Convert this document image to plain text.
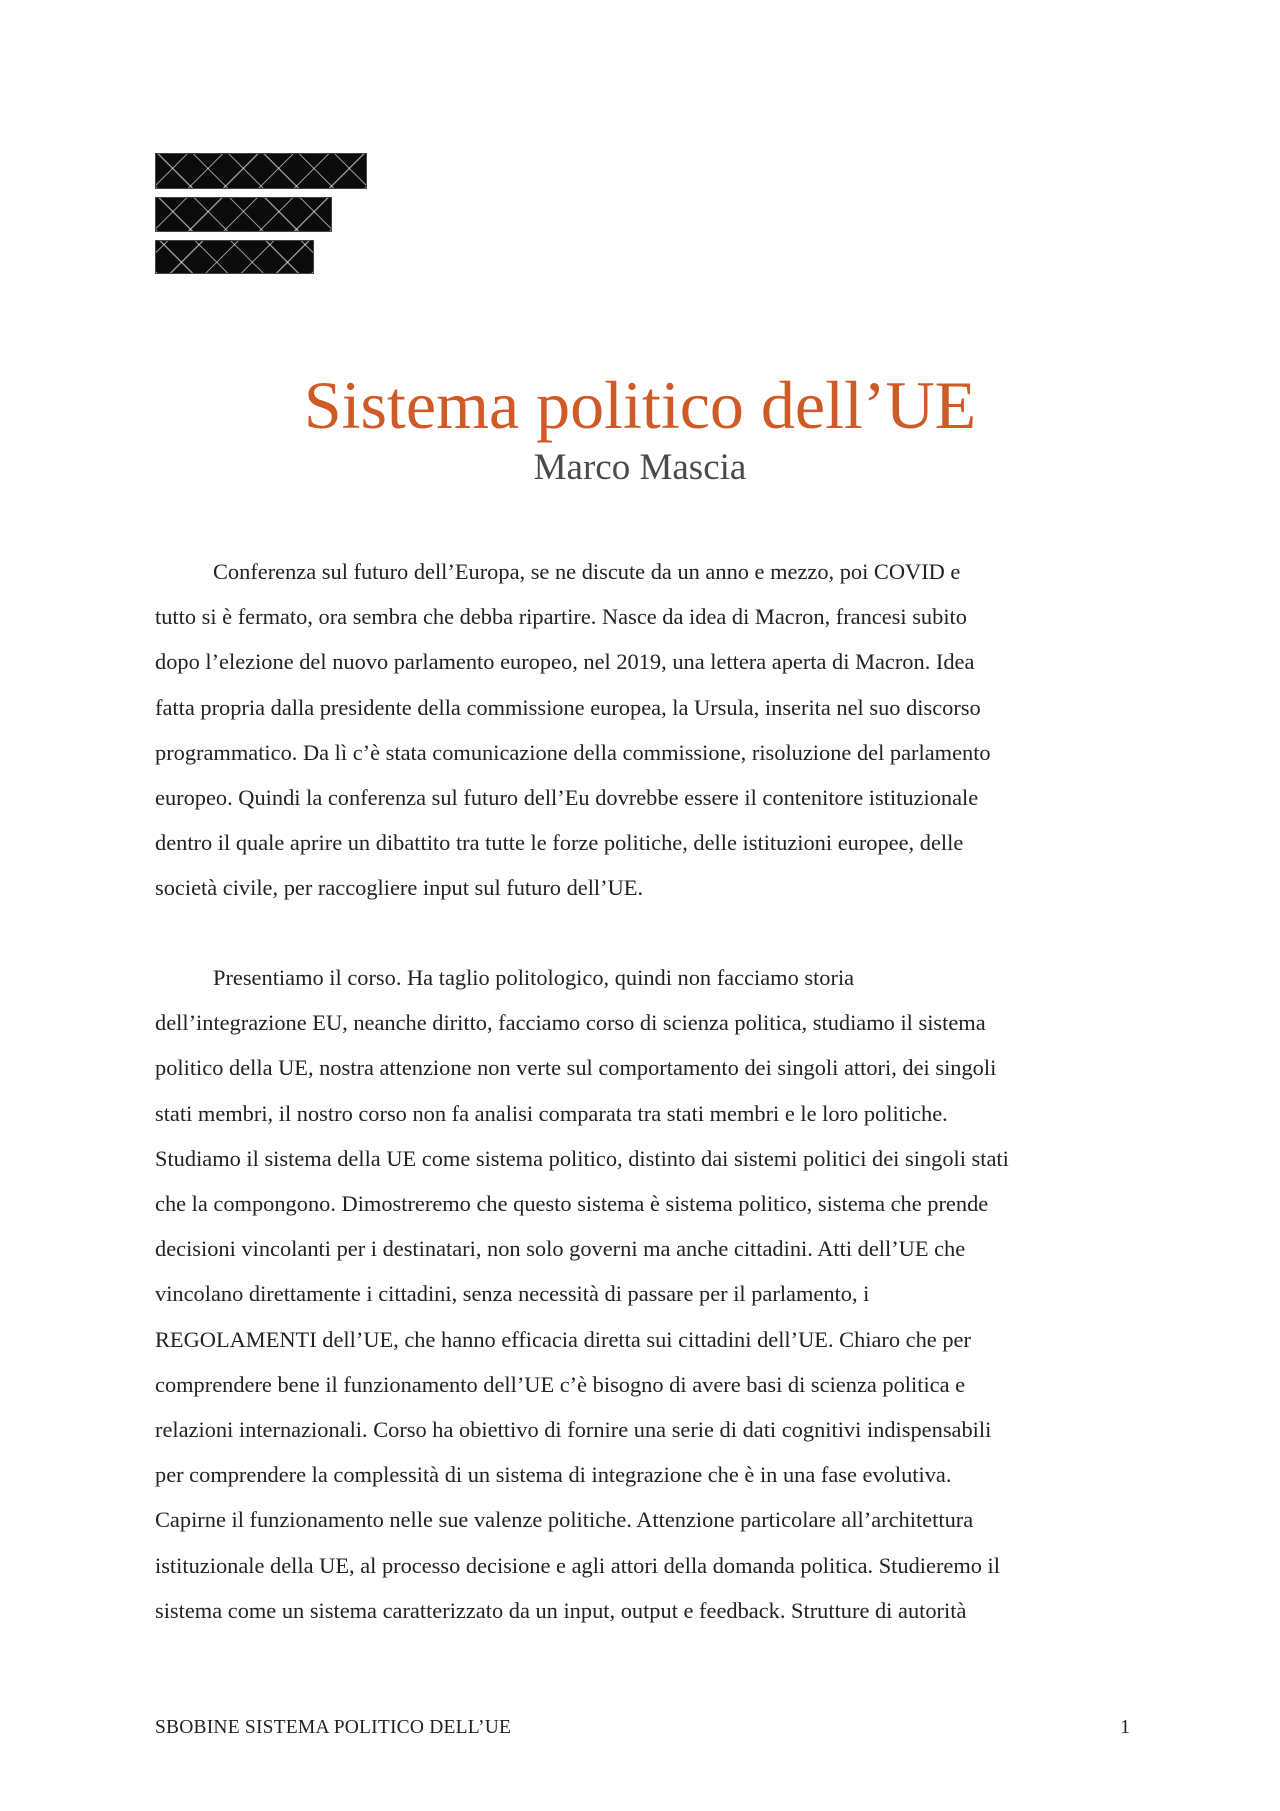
Sistema politico dell’UE
Marco Mascia
Conferenza sul futuro dell’Europa, se ne discute da un anno e mezzo, poi COVID e
tutto si è fermato, ora sembra che debba ripartire. Nasce da idea di Macron, francesi subito
dopo l’elezione del nuovo parlamento europeo, nel 2019, una lettera aperta di Macron. Idea
fatta propria dalla presidente della commissione europea, la Ursula, inserita nel suo discorso
programmatico. Da lì c’è stata comunicazione della commissione, risoluzione del parlamento
europeo. Quindi la conferenza sul futuro dell’Eu dovrebbe essere il contenitore istituzionale
dentro il quale aprire un dibattito tra tutte le forze politiche, delle istituzioni europee, delle
società civile, per raccogliere input sul futuro dell’UE.
Presentiamo il corso. Ha taglio politologico, quindi non facciamo storia
dell’integrazione EU, neanche diritto, facciamo corso di scienza politica, studiamo il sistema
politico della UE, nostra attenzione non verte sul comportamento dei singoli attori, dei singoli
stati membri, il nostro corso non fa analisi comparata tra stati membri e le loro politiche.
Studiamo il sistema della UE come sistema politico, distinto dai sistemi politici dei singoli stati
che la compongono. Dimostreremo che questo sistema è sistema politico, sistema che prende
decisioni vincolanti per i destinatari, non solo governi ma anche cittadini. Atti dell’UE che
vincolano direttamente i cittadini, senza necessità di passare per il parlamento, i
REGOLAMENTI dell’UE, che hanno efficacia diretta sui cittadini dell’UE. Chiaro che per
comprendere bene il funzionamento dell’UE c’è bisogno di avere basi di scienza politica e
relazioni internazionali. Corso ha obiettivo di fornire una serie di dati cognitivi indispensabili
per comprendere la complessità di un sistema di integrazione che è in una fase evolutiva.
Capirne il funzionamento nelle sue valenze politiche. Attenzione particolare all’architettura
istituzionale della UE, al processo decisione e agli attori della domanda politica. Studieremo il
sistema come un sistema caratterizzato da un input, output e feedback. Strutture di autorità
SBOBINE SISTEMA POLITICO DELL’UE	1
